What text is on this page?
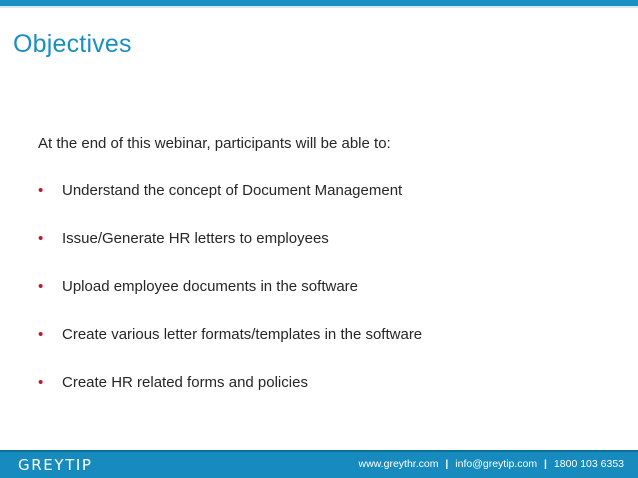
Objectives
At the end of this webinar, participants will be able to:
•	Understand the concept of Document Management
•	Issue/Generate HR letters to employees
•	Upload employee documents in the software
•	Create various letter formats/templates in the software
•	Create HR related forms and policies
GREYTIP	www.greythr.com | info@greytip.com | 1800 103 6353
